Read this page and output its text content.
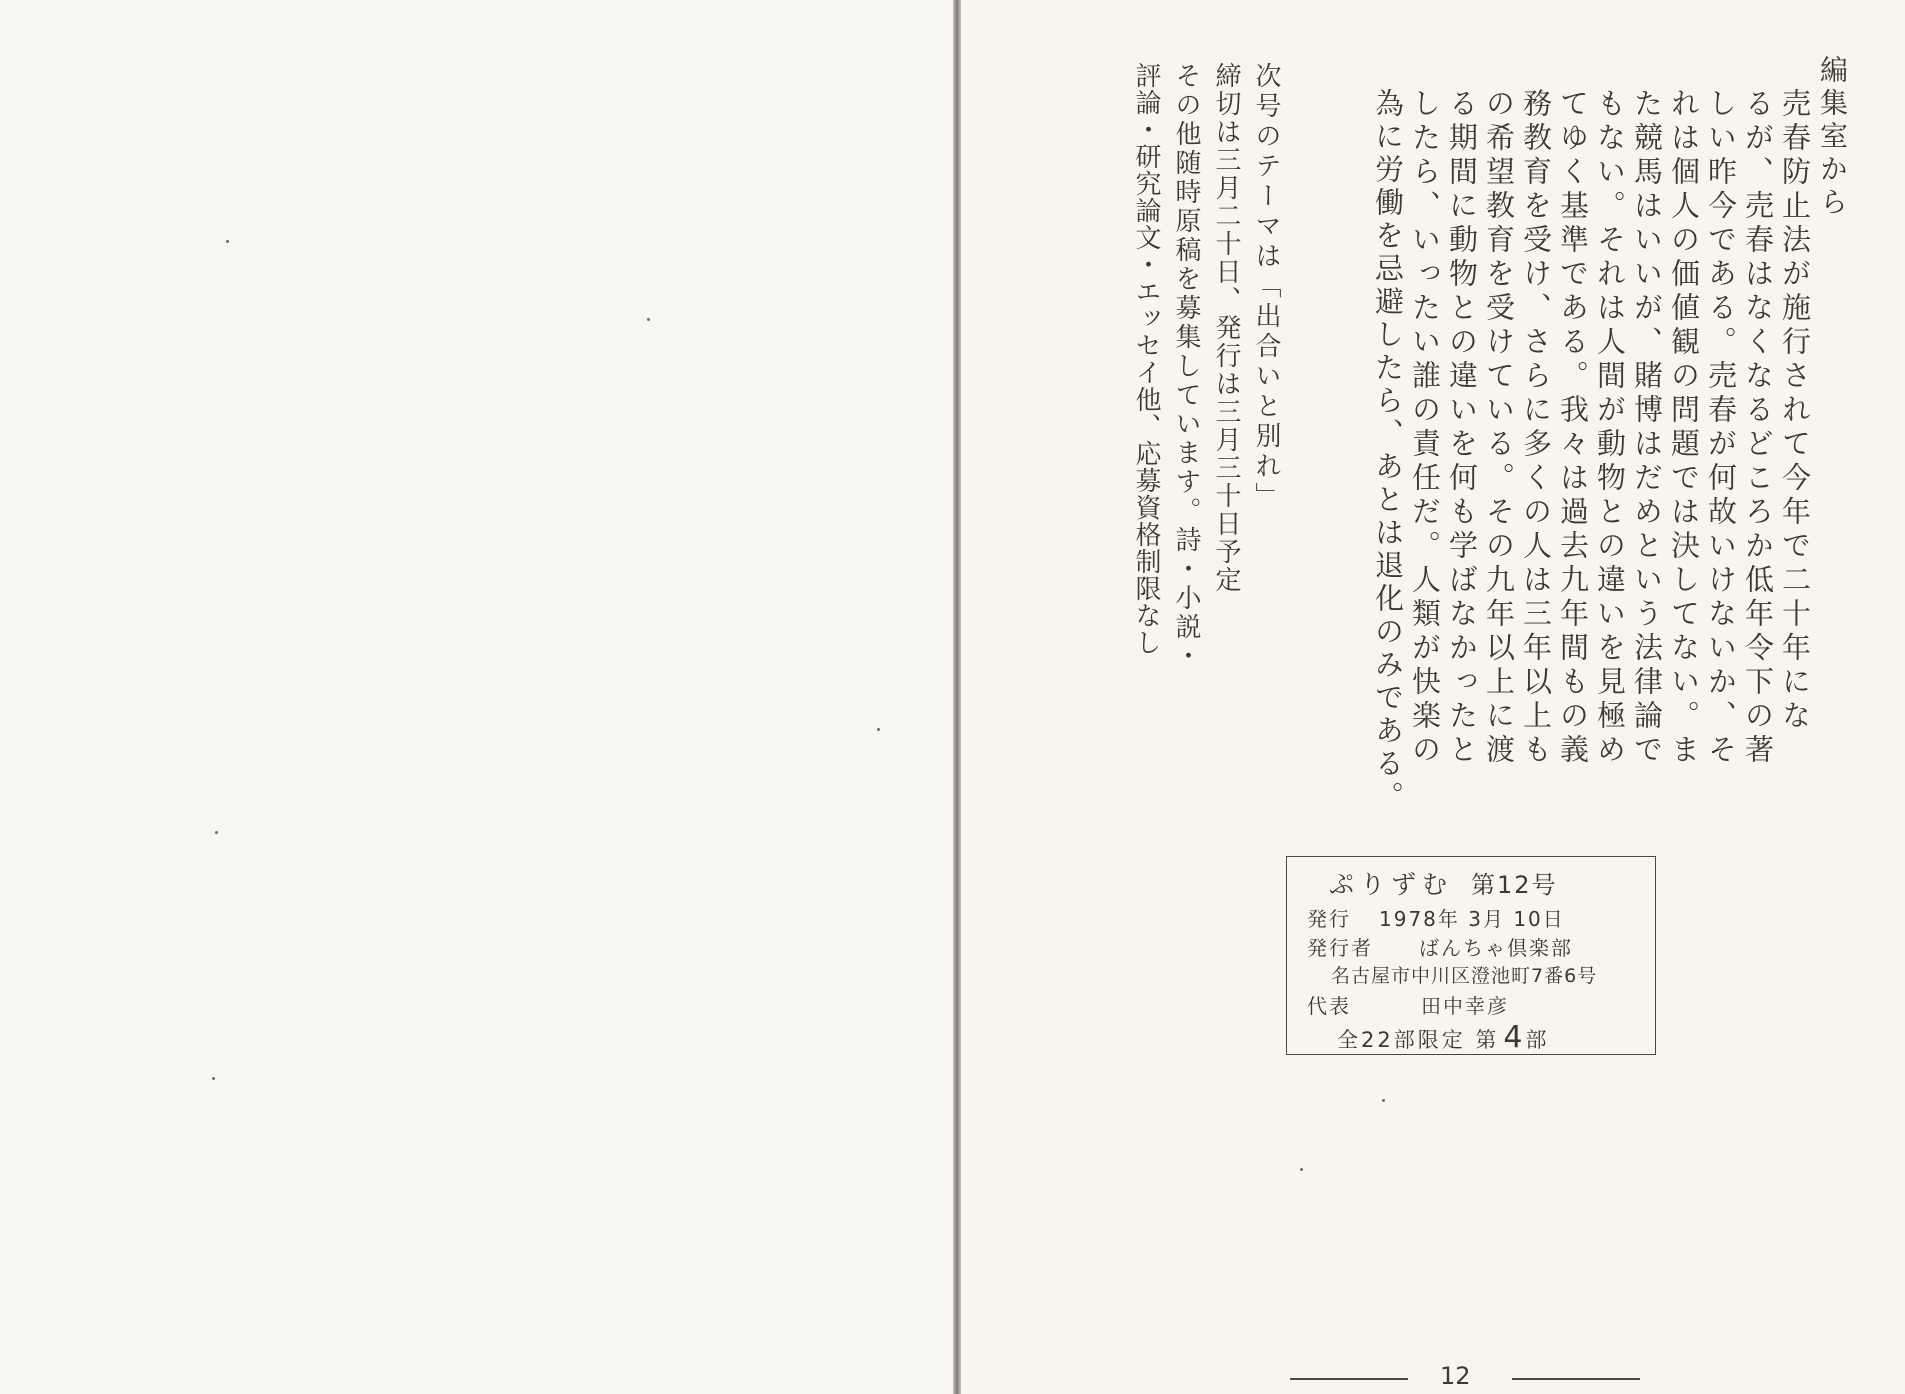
編集室から
売春防止法が施行されて今年で二十年にな
るが、売春はなくなるどころか低年令下の著
しい昨今である。売春が何故いけないか、そ
れは個人の価値観の問題では決してない。ま
た競馬はいいが、賭博はだめという法律論で
もない。それは人間が動物との違いを見極め
てゆく基準である。我々は過去九年間もの義
務教育を受け、さらに多くの人は三年以上も
の希望教育を受けている。その九年以上に渡
る期間に動物との違いを何も学ばなかったと
したら、いったい誰の責任だ。人類が快楽の
為に労働を忌避したら、あとは退化のみである。
次号のテーマは「出合いと別れ」
締切は三月二十日、発行は三月三十日予定
その他随時原稿を募集しています。詩・小説・
評論・研究論文・エッセイ他、応募資格制限なし
ぷりずむ 第12号
発行 1978年 3月 10日
発行者 ばんちゃ倶楽部
名古屋市中川区澄池町7番6号
代表	田中幸彦
全22部限定 第 4部
12
